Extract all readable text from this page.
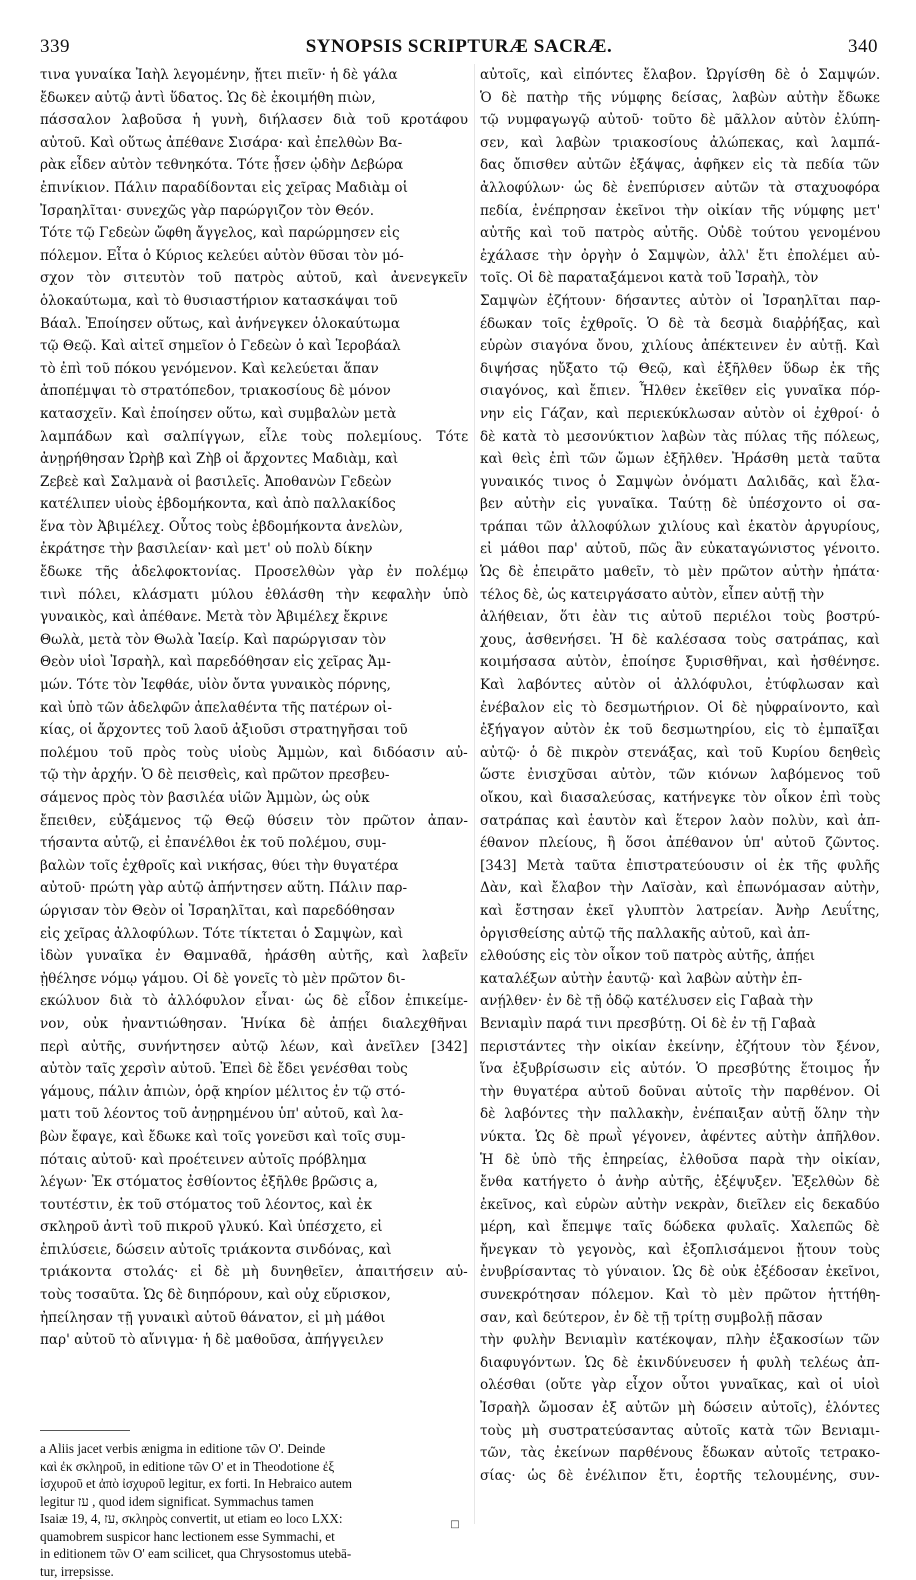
339	SYNOPSIS SCRIPTURÆ SACRÆ.	340
τινα γυναίκα Ἰαὴλ λεγομένην, ᾔτει πιεῖν· ἡ δὲ γάλα
ἔδωκεν αὐτῷ ἀντὶ ὕδατος. Ὡς δὲ ἐκοιμήθη πιὼν,
πάσσαλον λαβοῦσα ἡ γυνὴ, διήλασεν διὰ τοῦ κροτάφου
αὐτοῦ. Καὶ οὕτως ἀπέθανε Σισάρα· καὶ ἐπελθὼν Βα-
ρὰκ εἶδεν αὐτὸν τεθνηκότα. Τότε ᾖσεν ᾠδὴν Δεβώρα
ἐπινίκιον. Πάλιν παραδίδονται εἰς χεῖρας Μαδιὰμ οἱ
Ἰσραηλῖται· συνεχῶς γὰρ παρώργιζον τὸν Θεόν.
Τότε τῷ Γεδεὼν ὤφθη ἄγγελος, καὶ παρώρμησεν εἰς
πόλεμον. Εἶτα ὁ Κύριος κελεύει αὐτὸν θῦσαι τὸν μό-
σχον τὸν σιτευτὸν τοῦ πατρὸς αὐτοῦ, καὶ ἀνενεγκεῖν
ὁλοκαύτωμα, καὶ τὸ θυσιαστήριον κατασκάψαι τοῦ
Βάαλ. Ἐποίησεν οὕτως, καὶ ἀνήνεγκεν ὁλοκαύτωμα
τῷ Θεῷ. Καὶ αἰτεῖ σημεῖον ὁ Γεδεὼν ὁ καὶ Ἱεροβάαλ
τὸ ἐπὶ τοῦ πόκου γενόμενον. Καὶ κελεύεται ἅπαν
ἀποπέμψαι τὸ στρατόπεδον, τριακοσίους δὲ μόνον
κατασχεῖν. Καὶ ἐποίησεν οὕτω, καὶ συμβαλὼν μετὰ
λαμπάδων καὶ σαλπίγγων, εἷλε τοὺς πολεμίους. Τότε
ἀνῃρήθησαν Ὠρὴβ καὶ Ζὴβ οἱ ἄρχοντες Μαδιὰμ, καὶ
Ζεβεὲ καὶ Σαλμανὰ οἱ βασιλεῖς. Ἀποθανὼν Γεδεὼν
κατέλιπεν υἱοὺς ἑβδομήκοντα, καὶ ἀπὸ παλλακίδος
ἕνα τὸν Ἀβιμέλεχ. Οὗτος τοὺς ἑβδομήκοντα ἀνελὼν,
ἐκράτησε τὴν βασιλείαν· καὶ μετ' οὐ πολὺ δίκην
ἔδωκε τῆς ἀδελφοκτονίας. Προσελθὼν γὰρ ἐν πολέμῳ
τινὶ πόλει, κλάσματι μύλου ἐθλάσθη τὴν κεφαλὴν ὑπὸ
γυναικὸς, καὶ ἀπέθανε. Μετὰ τὸν Ἀβιμέλεχ ἔκρινε
Θωλὰ, μετὰ τὸν Θωλὰ Ἰαείρ. Καὶ παρώργισαν τὸν
Θεὸν υἱοὶ Ἰσραὴλ, καὶ παρεδόθησαν εἰς χεῖρας Ἀμ-
μών. Τότε τὸν Ἰεφθάε, υἱὸν ὄντα γυναικὸς πόρνης,
καὶ ὑπὸ τῶν ἀδελφῶν ἀπελαθέντα τῆς πατέρων οἰ-
κίας, οἱ ἄρχοντες τοῦ λαοῦ ἀξιοῦσι στρατηγῆσαι τοῦ
πολέμου τοῦ πρὸς τοὺς υἱοὺς Ἀμμὼν, καὶ διδόασιν αὐ-
τῷ τὴν ἀρχήν. Ὁ δὲ πεισθεὶς, καὶ πρῶτον πρεσβευ-
σάμενος πρὸς τὸν βασιλέα υἱῶν Ἀμμὼν, ὡς οὐκ
ἔπειθεν, εὐξάμενος τῷ Θεῷ θύσειν τὸν πρῶτον ἀπαν-
τήσαντα αὐτῷ, εἰ ἐπανέλθοι ἐκ τοῦ πολέμου, συμ-
βαλὼν τοῖς ἐχθροῖς καὶ νικήσας, θύει τὴν θυγατέρα
αὐτοῦ· πρώτη γὰρ αὐτῷ ἀπήντησεν αὕτη. Πάλιν παρ-
ώργισαν τὸν Θεὸν οἱ Ἰσραηλῖται, καὶ παρεδόθησαν
εἰς χεῖρας ἀλλοφύλων. Τότε τίκτεται ὁ Σαμψὼν, καὶ
ἰδὼν γυναῖκα ἐν Θαμναθᾶ, ἠράσθη αὐτῆς, καὶ λαβεῖν
ᾐθέλησε νόμῳ γάμου. Οἱ δὲ γονεῖς τὸ μὲν πρῶτον δι-
εκώλυον διὰ τὸ ἀλλόφυλον εἶναι· ὡς δὲ εἶδον ἐπικείμε-
νον, οὐκ ἠναντιώθησαν. Ἡνίκα δὲ ἀπῄει διαλεχθῆναι
περὶ αὐτῆς, συνήντησεν αὐτῷ λέων, καὶ ἀνεῖλεν [342]
αὐτὸν ταῖς χερσὶν αὐτοῦ. Ἐπεὶ δὲ ἔδει γενέσθαι τοὺς
γάμους, πάλιν ἀπιὼν, ὁρᾷ κηρίον μέλιτος ἐν τῷ στό-
ματι τοῦ λέοντος τοῦ ἀνῃρημένου ὑπ' αὐτοῦ, καὶ λα-
βὼν ἔφαγε, καὶ ἔδωκε καὶ τοῖς γονεῦσι καὶ τοῖς συμ-
πόταις αὐτοῦ· καὶ προέτεινεν αὐτοῖς πρόβλημα
λέγων· Ἐκ στόματος ἐσθίοντος ἐξῆλθε βρῶσις a,
τουτέστιν, ἐκ τοῦ στόματος τοῦ λέοντος, καὶ ἐκ
σκληροῦ ἀντὶ τοῦ πικροῦ γλυκύ. Καὶ ὑπέσχετο, εἰ
ἐπιλύσειε, δώσειν αὐτοῖς τριάκοντα σινδόνας, καὶ
τριάκοντα στολάς· εἰ δὲ μὴ δυνηθεῖεν, ἀπαιτήσειν αὐ-
τοὺς τοσαῦτα. Ὡς δὲ διηπόρουν, καὶ οὐχ εὕρισκον,
ἠπείλησαν τῇ γυναικὶ αὐτοῦ θάνατον, εἰ μὴ μάθοι
παρ' αὐτοῦ τὸ αἴνιγμα· ἡ δὲ μαθοῦσα, ἀπήγγειλεν
αὐτοῖς, καὶ εἰπόντες ἔλαβον. Ὠργίσθη δὲ ὁ Σαμψών.
Ὁ δὲ πατὴρ τῆς νύμφης δείσας, λαβὼν αὐτὴν ἔδωκε
τῷ νυμφαγωγῷ αὐτοῦ· τοῦτο δὲ μᾶλλον αὐτὸν ἐλύπη-
σεν, καὶ λαβὼν τριακοσίους ἀλώπεκας, καὶ λαμπά-
δας ὄπισθεν αὐτῶν ἐξάψας, ἀφῆκεν εἰς τὰ πεδία τῶν
ἀλλοφύλων· ὡς δὲ ἐνεπύρισεν αὐτῶν τὰ σταχυοφόρα
πεδία, ἐνέπρησαν ἐκεῖνοι τὴν οἰκίαν τῆς νύμφης μετ'
αὐτῆς καὶ τοῦ πατρὸς αὐτῆς. Οὐδὲ τούτου γενομένου
ἐχάλασε τὴν ὀργὴν ὁ Σαμψὼν, ἀλλ' ἔτι ἐπολέμει αὐ-
τοῖς. Οἱ δὲ παραταξάμενοι κατὰ τοῦ Ἰσραὴλ, τὸν
Σαμψὼν ἐζήτουν· δήσαντες αὐτὸν οἱ Ἰσραηλῖται παρ-
έδωκαν τοῖς ἐχθροῖς. Ὁ δὲ τὰ δεσμὰ διαῤῥήξας, καὶ
εὑρὼν σιαγόνα ὄνου, χιλίους ἀπέκτεινεν ἐν αὐτῇ. Καὶ
διψήσας ηὔξατο τῷ Θεῷ, καὶ ἐξῆλθεν ὕδωρ ἐκ τῆς
σιαγόνος, καὶ ἔπιεν. Ἦλθεν ἐκεῖθεν εἰς γυναῖκα πόρ-
νην εἰς Γάζαν, καὶ περιεκύκλωσαν αὐτὸν οἱ ἐχθροί· ὁ
δὲ κατὰ τὸ μεσονύκτιον λαβὼν τὰς πύλας τῆς πόλεως,
καὶ θεὶς ἐπὶ τῶν ὤμων ἐξῆλθεν. Ἠράσθη μετὰ ταῦτα
γυναικός τινος ὁ Σαμψὼν ὀνόματι Δαλιδᾶς, καὶ ἔλα-
βεν αὐτὴν εἰς γυναῖκα. Ταύτῃ δὲ ὑπέσχοντο οἱ σα-
τράπαι τῶν ἀλλοφύλων χιλίους καὶ ἑκατὸν ἀργυρίους,
εἰ μάθοι παρ' αὐτοῦ, πῶς ἂν εὐκαταγώνιστος γένοιτο.
Ὡς δὲ ἐπειρᾶτο μαθεῖν, τὸ μὲν πρῶτον αὐτὴν ἠπάτα·
τέλος δὲ, ὡς κατειργάσατο αὐτὸν, εἶπεν αὐτῇ τὴν
ἀλήθειαν, ὅτι ἐὰν τις αὐτοῦ περιέλοι τοὺς βοστρύ-
χους, ἀσθενήσει. Ἡ δὲ καλέσασα τοὺς σατράπας, καὶ
κοιμήσασα αὐτὸν, ἐποίησε ξυρισθῆναι, καὶ ἠσθένησε.
Καὶ λαβόντες αὐτὸν οἱ ἀλλόφυλοι, ἐτύφλωσαν καὶ
ἐνέβαλον εἰς τὸ δεσμωτήριον. Οἱ δὲ ηὐφραίνοντο, καὶ
ἐξήγαγον αὐτὸν ἐκ τοῦ δεσμωτηρίου, εἰς τὸ ἐμπαῖξαι
αὐτῷ· ὁ δὲ πικρὸν στενάξας, καὶ τοῦ Κυρίου δεηθεὶς
ὥστε ἐνισχῦσαι αὐτὸν, τῶν κιόνων λαβόμενος τοῦ
οἴκου, καὶ διασαλεύσας, κατήνεγκε τὸν οἶκον ἐπὶ τοὺς
σατράπας καὶ ἑαυτὸν καὶ ἕτερον λαὸν πολὺν, καὶ ἀπ-
έθανον πλείους, ἢ ὅσοι ἀπέθανον ὑπ' αὐτοῦ ζῶντος.
[343] Μετὰ ταῦτα ἐπιστρατεύουσιν οἱ ἐκ τῆς φυλῆς
Δὰν, καὶ ἔλαβον τὴν Λαϊσὰν, καὶ ἐπωνόμασαν αὐτὴν,
καὶ ἔστησαν ἐκεῖ γλυπτὸν λατρείαν. Ἀνὴρ Λευΐτης,
ὀργισθείσης αὐτῷ τῆς παλλακῆς αὐτοῦ, καὶ ἀπ-
ελθούσης εἰς τὸν οἶκον τοῦ πατρὸς αὐτῆς, ἀπῄει
καταλέξων αὐτὴν ἑαυτῷ· καὶ λαβὼν αὐτὴν ἐπ-
ανῄλθεν· ἐν δὲ τῇ ὁδῷ κατέλυσεν εἰς Γαβαὰ τὴν
Βενιαμὶν παρά τινι πρεσβύτῃ. Οἱ δὲ ἐν τῇ Γαβαὰ
περιστάντες τὴν οἰκίαν ἐκείνην, ἐζήτουν τὸν ξένον,
ἵνα ἐξυβρίσωσιν εἰς αὐτόν. Ὁ πρεσβύτης ἕτοιμος ἦν
τὴν θυγατέρα αὐτοῦ δοῦναι αὐτοῖς τὴν παρθένον. Οἱ
δὲ λαβόντες τὴν παλλακὴν, ἐνέπαιξαν αὐτῇ ὅλην τὴν
νύκτα. Ὡς δὲ πρωῒ γέγονεν, ἀφέντες αὐτὴν ἀπῆλθον.
Ἡ δὲ ὑπὸ τῆς ἐπηρείας, ἐλθοῦσα παρὰ τὴν οἰκίαν,
ἔνθα κατήγετο ὁ ἀνὴρ αὐτῆς, ἐξέψυξεν. Ἐξελθὼν δὲ
ἐκεῖνος, καὶ εὑρὼν αὐτὴν νεκρὰν, διεῖλεν εἰς δεκαδύο
μέρη, καὶ ἔπεμψε ταῖς δώδεκα φυλαῖς. Χαλεπῶς δὲ
ἤνεγκαν τὸ γεγονὸς, καὶ ἐξοπλισάμενοι ᾔτουν τοὺς
ἐνυβρίσαντας τὸ γύναιον. Ὡς δὲ οὐκ ἐξέδοσαν ἐκεῖνοι,
συνεκρότησαν πόλεμον. Καὶ τὸ μὲν πρῶτον ἡττήθη-
σαν, καὶ δεύτερον, ἐν δὲ τῇ τρίτῃ συμβολῇ πᾶσαν
τὴν φυλὴν Βενιαμὶν κατέκοψαν, πλὴν ἑξακοσίων τῶν
διαφυγόντων. Ὡς δὲ ἐκινδύνευσεν ἡ φυλὴ τελέως ἀπ-
ολέσθαι (οὔτε γὰρ εἶχον οὗτοι γυναῖκας, καὶ οἱ υἱοὶ
Ἰσραὴλ ὤμοσαν ἐξ αὐτῶν μὴ δώσειν αὐτοῖς), ἑλόντες
τοὺς μὴ συστρατεύσαντας αὐτοῖς κατὰ τῶν Βενιαμι-
τῶν, τὰς ἐκείνων παρθένους ἔδωκαν αὐτοῖς τετρακο-
σίας· ὡς δὲ ἐνέλιπον ἔτι, ἑορτῆς τελουμένης, συν-
a Aliis jacet verbis ænigma in editione τῶν Ο'. Deinde
καὶ ἐκ σκληροῦ, in editione τῶν Ο' et in Theodotione ἐξ
ἰσχυροῦ et ἀπὸ ἰσχυροῦ legitur, ex forti. In Hebraico autem
legitur עז , quod idem significat. Symmachus tamen
Isaiæ 19, 4, עז, σκληρὸς convertit, ut etiam eo loco LXX:
quamobrem suspicor hanc lectionem esse Symmachi, et
in editionem τῶν Ο' eam scilicet, qua Chrysostomus utebā-
tur, irrepsisse.
□
